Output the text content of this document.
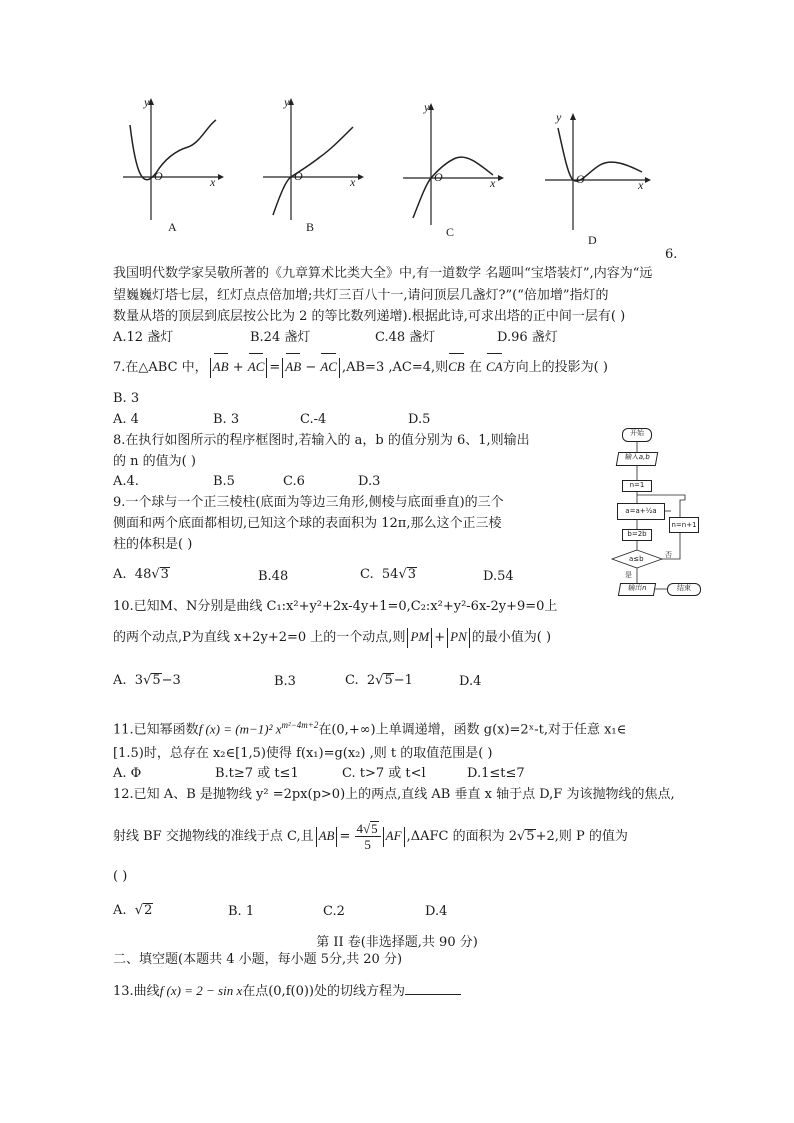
y
x
O
A
y
x
O
B
y
x
O
C
y
x
O
D
6.
我国明代数学家吴敬所著的《九章算术比类大全》中,有一道数学 名题叫“宝塔装灯”,内容为“远
望巍巍灯塔七层，红灯点点倍加增;共灯三百八十一,请问顶层几盏灯?”(“倍加增”指灯的
数量从塔的顶层到底层按公比为 2 的等比数列递增).根据此诗,可求出塔的正中间一层有( )
A.12 盏灯	B.24 盏灯	C.48 盏灯	D.96 盏灯
7.在△ABC 中， AB + AC = AB − AC ,AB=3 ,AC=4,则CB 在 CA方向上的投影为( )
B. 3
A. 4	B. 3	C.-4	D.5
8.在执行如图所示的程序框图时,若输入的 a，b 的值分别为 6、1,则输出
的 n 的值为( )
A.4.	B.5	C.6	D.3
开始
输入a,b
n=1
a=a+½a
n=n+1
b=2b
a≤b	否
是
输出n	结束
9.一个球与一个正三棱柱(底面为等边三角形,侧棱与底面垂直)的三个
侧面和两个底面都相切,已知这个球的表面积为 12π,那么这个正三棱
柱的体积是( )
A. 48√3	B.48	C. 54√3	D.54
10.已知M、N分别是曲线 C₁:x²+y²+2x-4y+1=0,C₂:x²+y²-6x-2y+9=0上
的两个动点,P为直线 x+2y+2=0 上的一个动点,则 PM + PN 的最小值为( )
A. 3√5−3	B.3	C. 2√5−1	D.4
11.已知幂函数f (x) = (m−1)² $x^{m^2-4m+2}$在(0,+∞)上单调递增，函数 g(x)=2ˣ-t,对于任意 x₁∈
[1.5)时，总存在 x₂∈[1,5)使得 f(x₁)=g(x₂) ,则 t 的取值范围是( )
A. Φ	B.t≥7 或 t≤1	C. t>7 或 t<l	D.1≤t≤7
12.已知 A、B 是抛物线 y² =2px(p>0)上的两点,直线 AB 垂直 x 轴于点 D,F 为该抛物线的焦点,
射线 BF 交抛物线的准线于点 C,且 AB = $\frac{4√5}{5}$ AF ,ΔAFC 的面积为 2√5+2,则 P 的值为
( )
A. √2	B. 1	C.2	D.4
第 II 卷(非选择题,共 90 分)
二、填空题(本题共 4 小题，每小题 5分,共 20 分)
13.曲线f (x) = 2 − sin x在点(0,f(0))处的切线方程为
